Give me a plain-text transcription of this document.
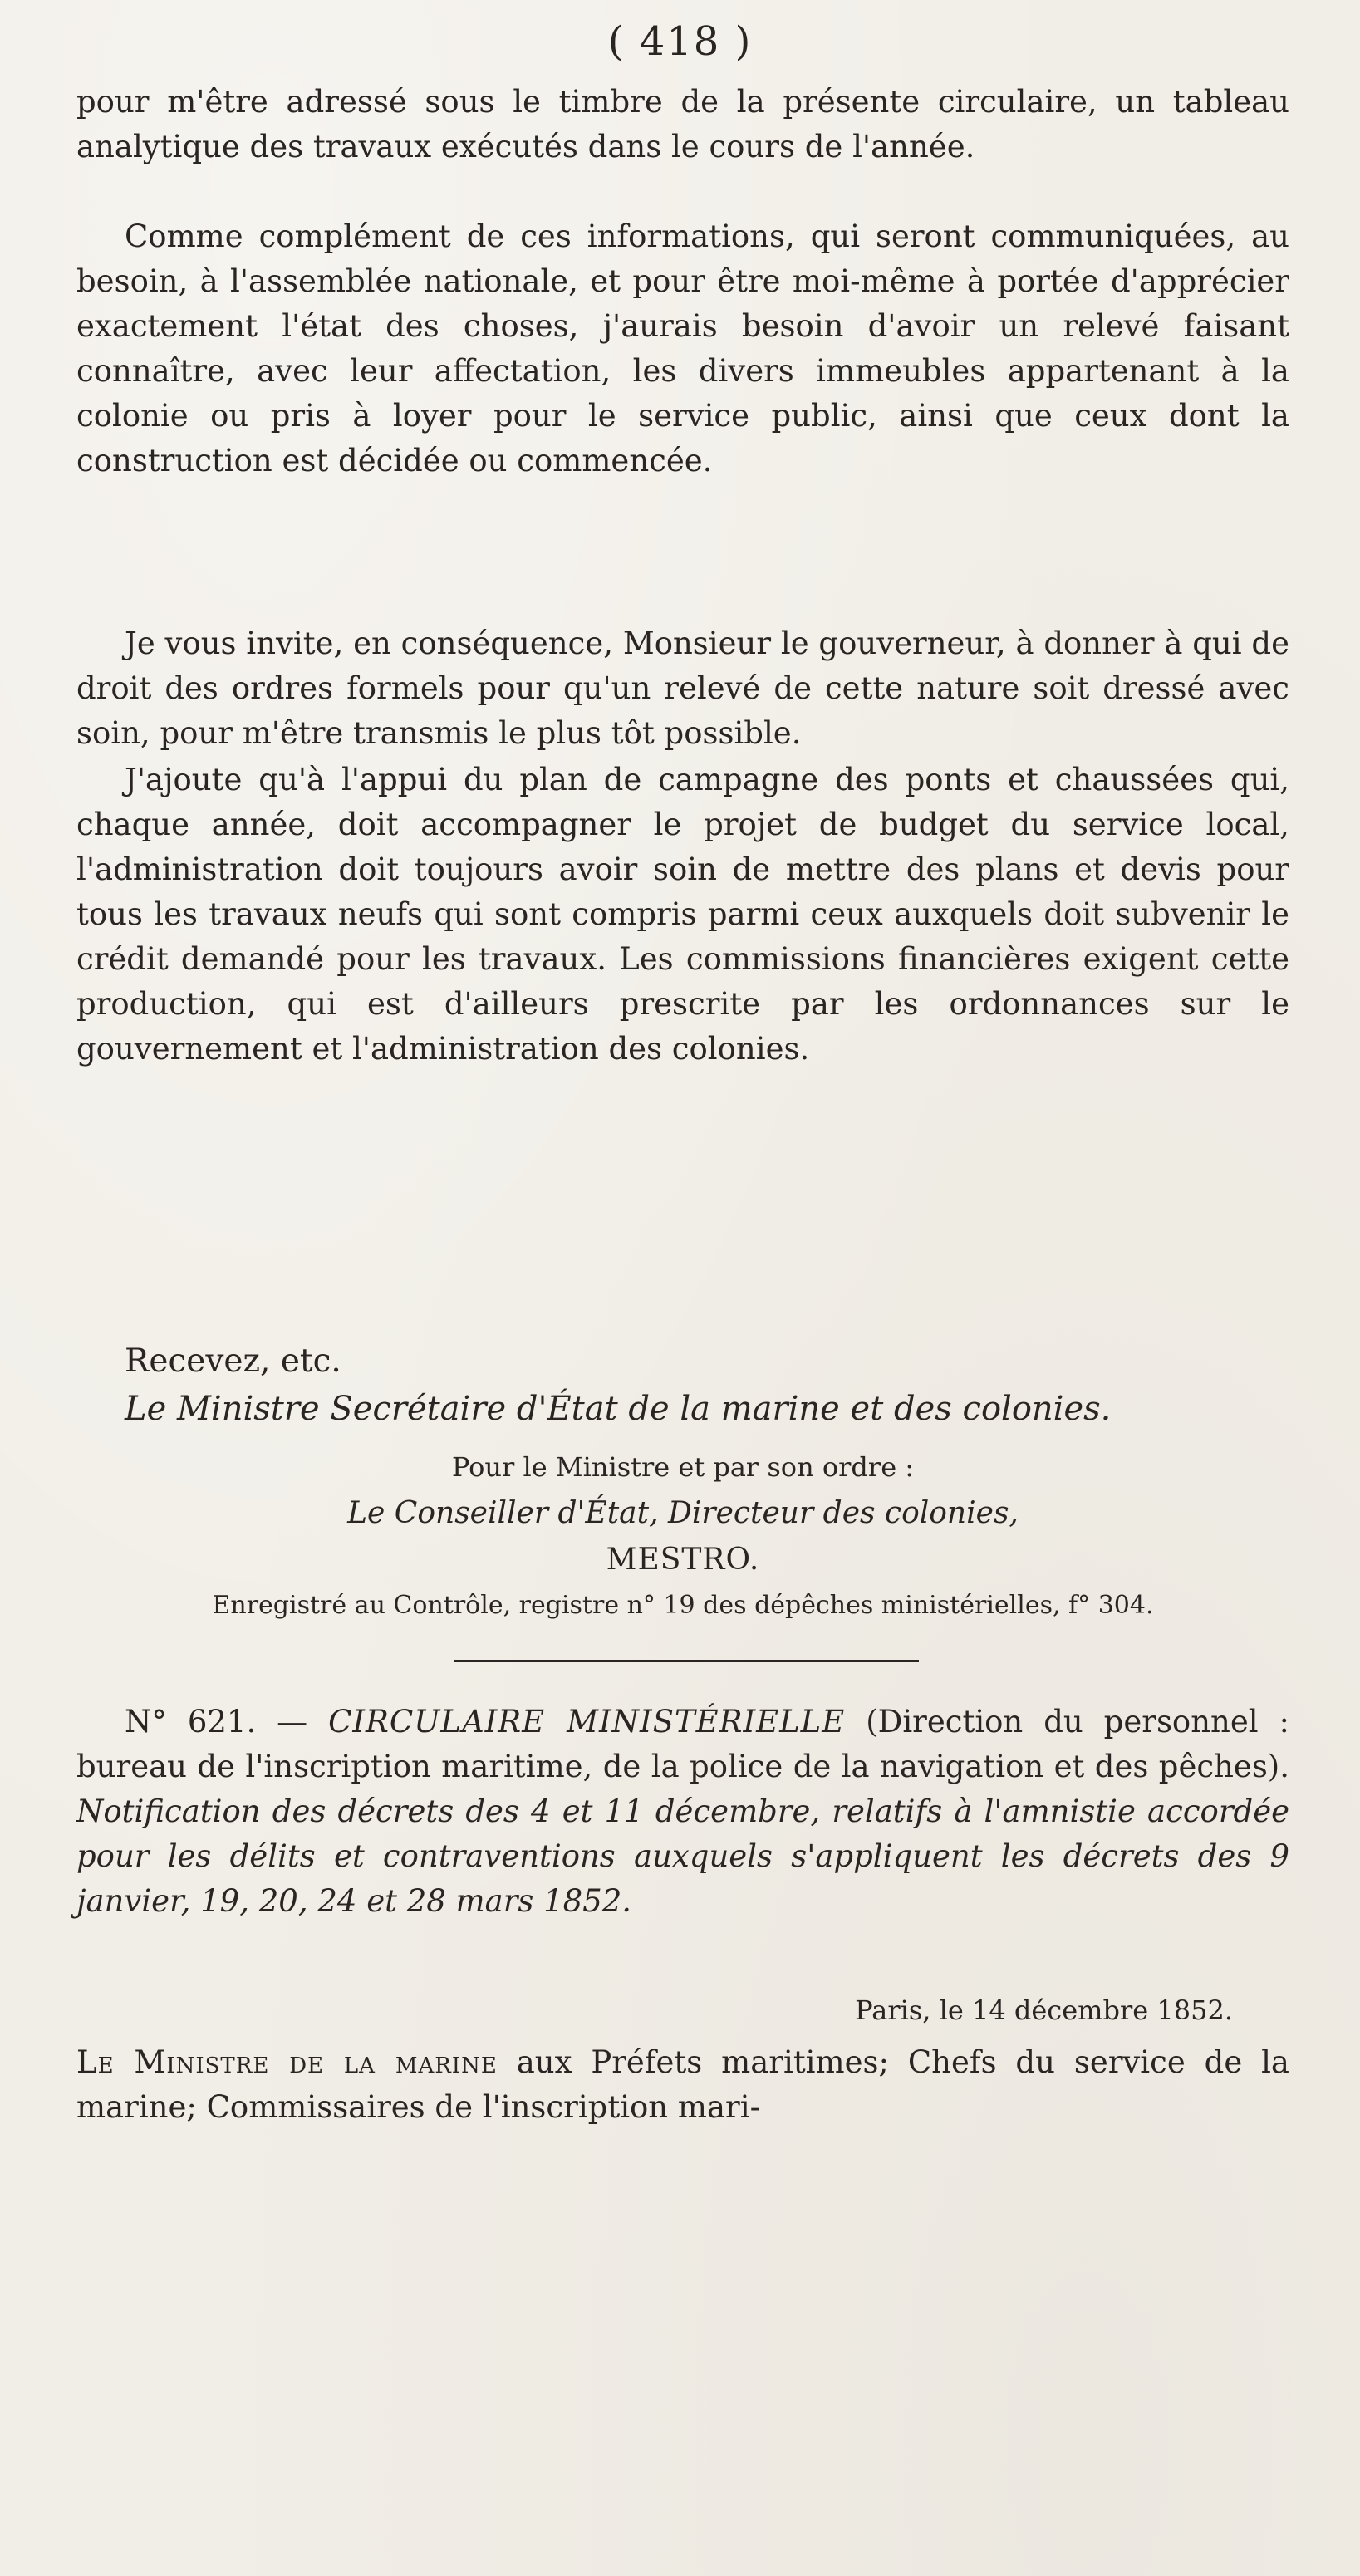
( 418 )

pour m'être adressé sous le timbre de la présente circulaire, un tableau analytique des travaux exécutés dans le cours de l'année.

Comme complément de ces informations, qui seront communiquées, au besoin, à l'assemblée nationale, et pour être moi-même à portée d'apprécier exactement l'état des choses, j'aurais besoin d'avoir un relevé faisant connaître, avec leur affectation, les divers immeubles appartenant à la colonie ou pris à loyer pour le service public, ainsi que ceux dont la construction est décidée ou commencée.

Je vous invite, en conséquence, Monsieur le gouverneur, à donner à qui de droit des ordres formels pour qu'un relevé de cette nature soit dressé avec soin, pour m'être transmis le plus tôt possible.

J'ajoute qu'à l'appui du plan de campagne des ponts et chaussées qui, chaque année, doit accompagner le projet de budget du service local, l'administration doit toujours avoir soin de mettre des plans et devis pour tous les travaux neufs qui sont compris parmi ceux auxquels doit subvenir le crédit demandé pour les travaux. Les commissions financières exigent cette production, qui est d'ailleurs prescrite par les ordonnances sur le gouvernement et l'administration des colonies.

Recevez, etc.
Le Ministre Secrétaire d'État de la marine et des colonies.
Pour le Ministre et par son ordre :
Le Conseiller d'État, Directeur des colonies,
MESTRO.
Enregistré au Contrôle, registre n° 19 des dépêches ministérielles, f° 304.

N° 621. — CIRCULAIRE MINISTÉRIELLE (Direction du personnel : bureau de l'inscription maritime, de la police de la navigation et des pêches). Notification des décrets des 4 et 11 décembre, relatifs à l'amnistie accordée pour les délits et contraventions auxquels s'appliquent les décrets des 9 janvier, 19, 20, 24 et 28 mars 1852.

Paris, le 14 décembre 1852.

Le Ministre de la marine aux Préfets maritimes; Chefs du service de la marine; Commissaires de l'inscription mari-
